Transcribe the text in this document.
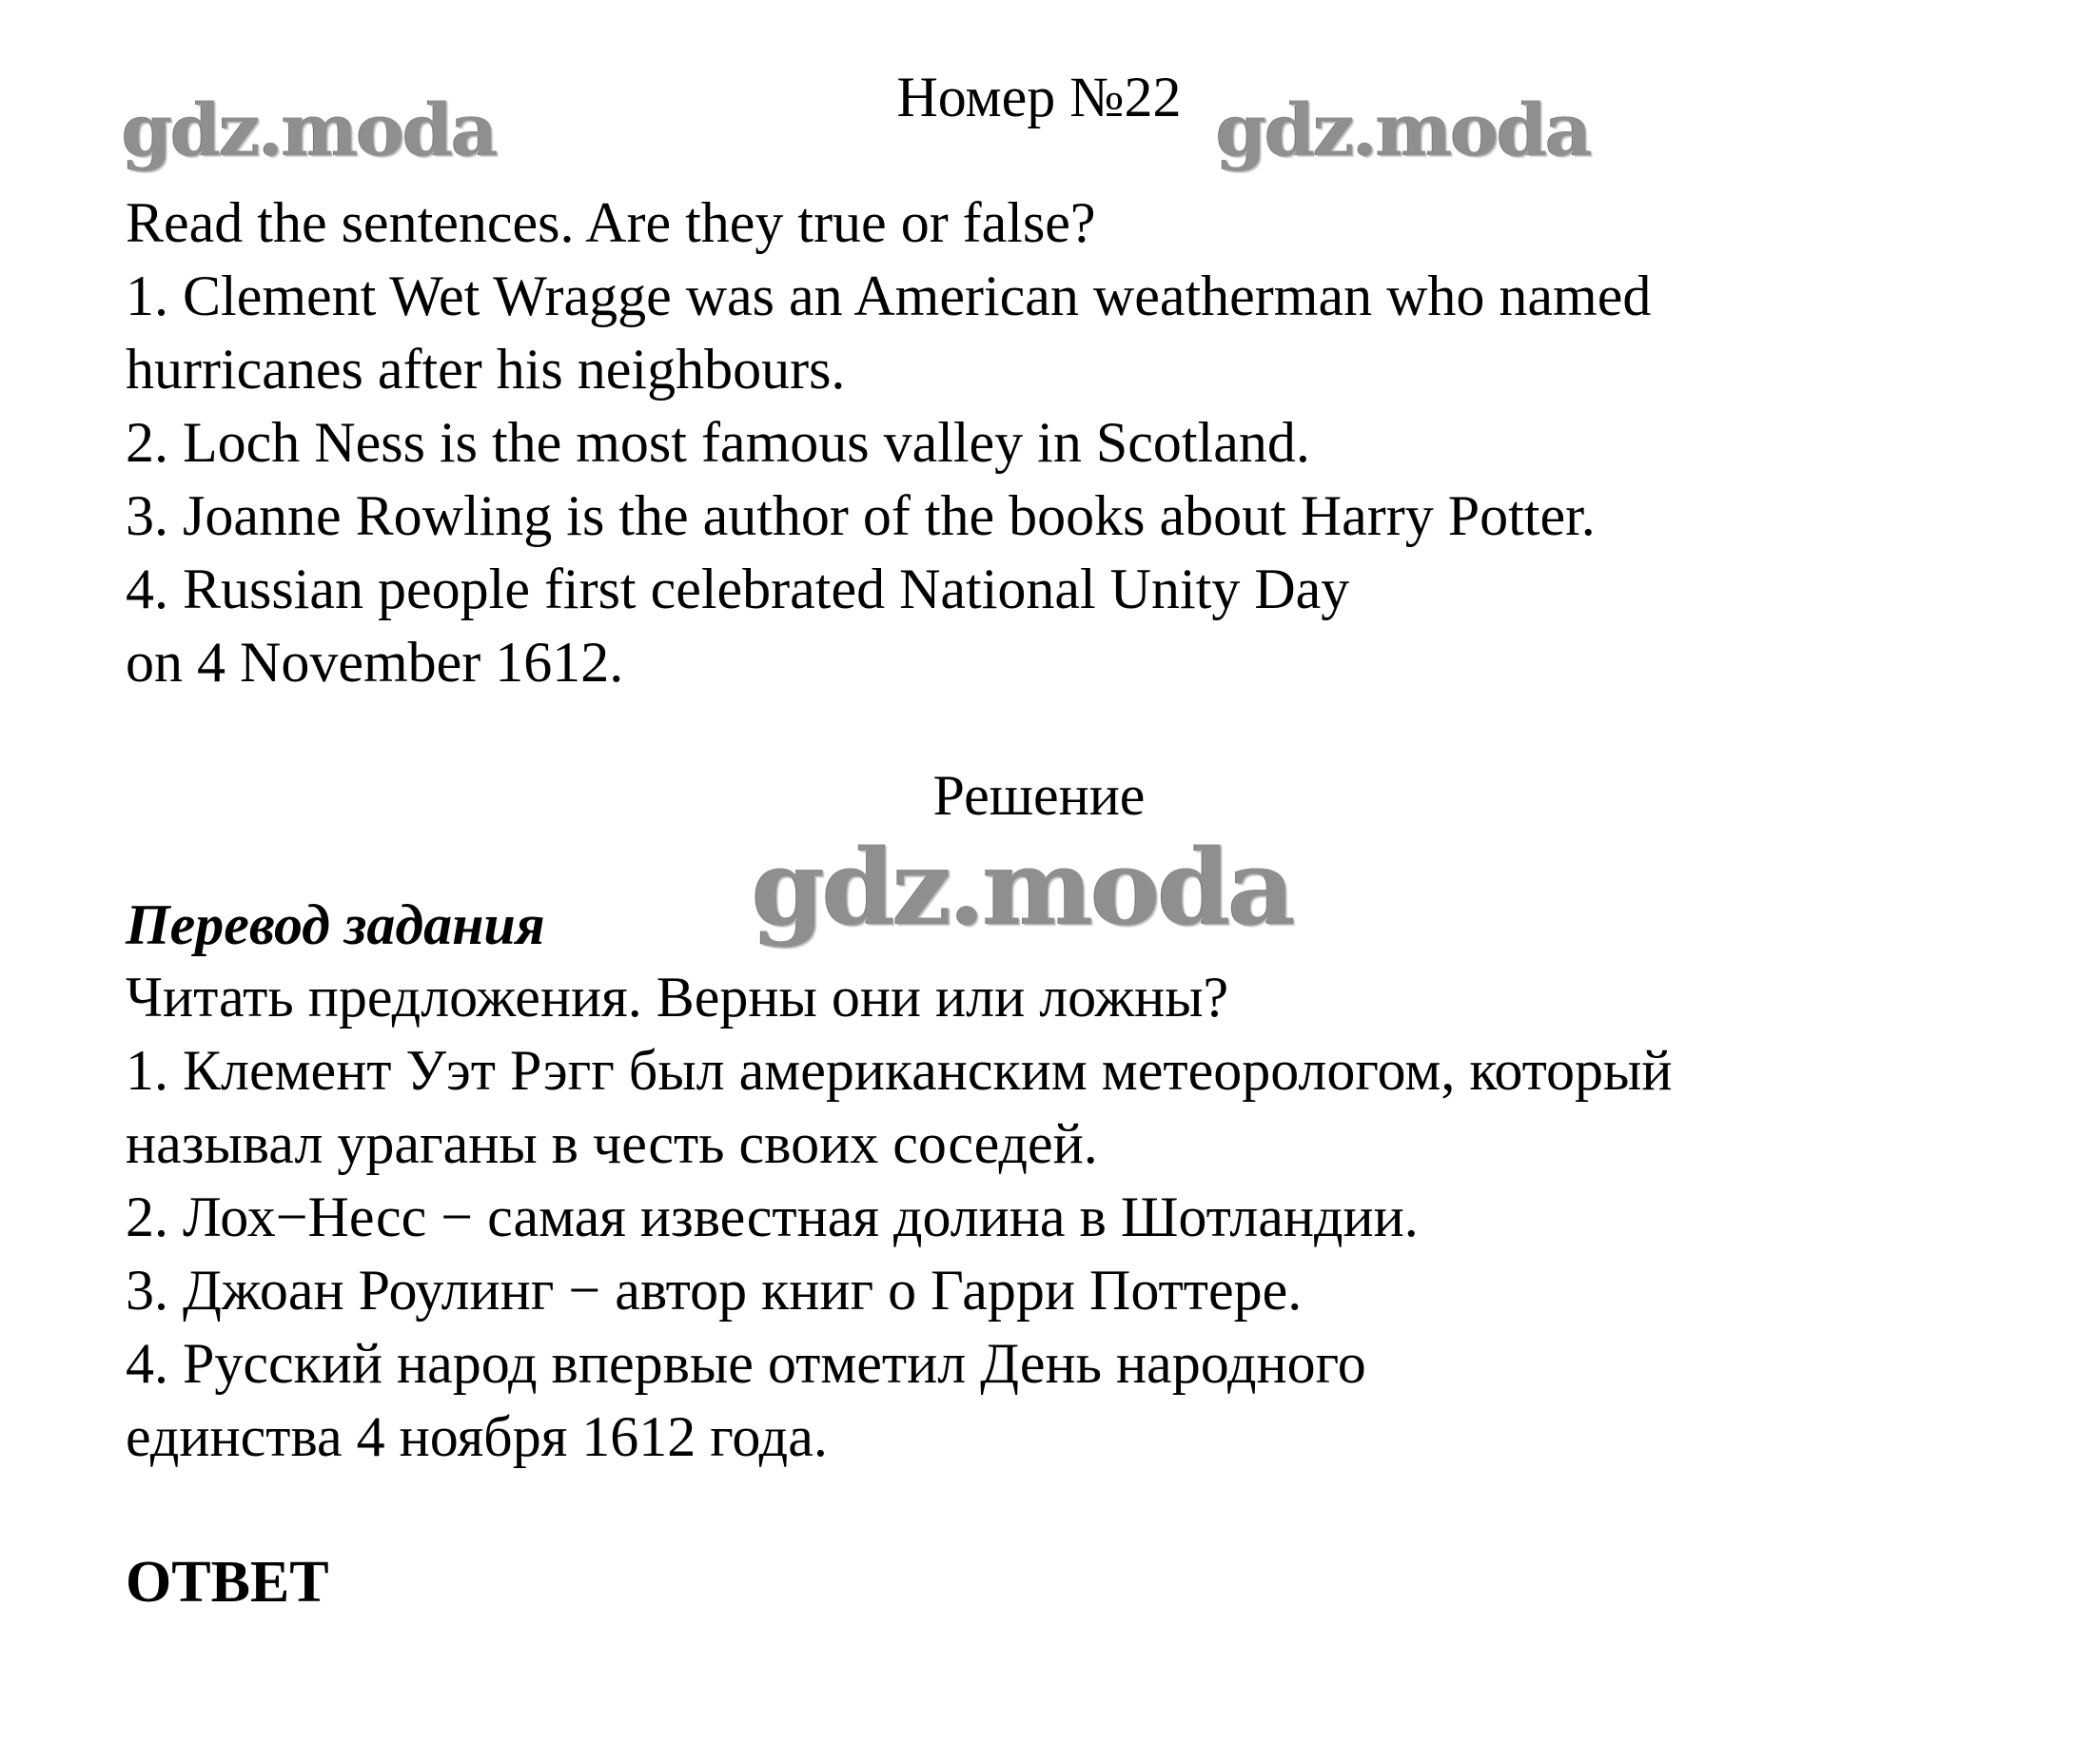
gdz.moda	gdz.moda
Номер №22

Read the sentences. Are they true or false?

1. Clement Wet Wragge was an American weatherman who named

hurricanes after his neighbours.

2. Loch Ness is the most famous valley in Scotland.

3. Joanne Rowling is the author of the books about Harry Potter.

4. Russian people first celebrated National Unity Day

on 4 November 1612.

Решение
gdz.moda
Перевод задания

Читать предложения. Верны они или ложны?

1. Клемент Уэт Рэгг был американским метеорологом, который

называл ураганы в честь своих соседей.

2. Лох−Несс − самая известная долина в Шотландии.

3. Джоан Роулинг − автор книг о Гарри Поттере.

4. Русский народ впервые отметил День народного

единства 4 ноября 1612 года.

ОТВЕТ
